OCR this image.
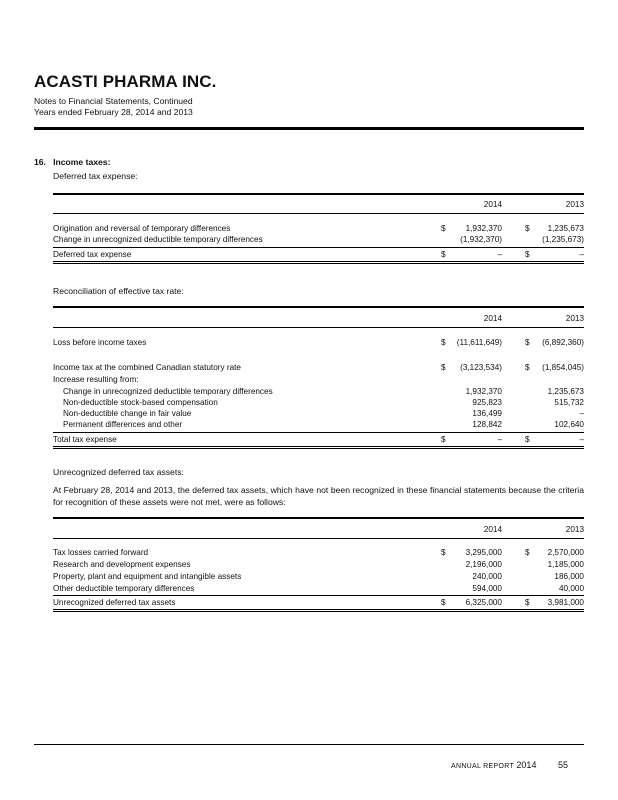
ACASTI PHARMA INC.
Notes to Financial Statements, Continued
Years ended February 28, 2014 and 2013
16.   Income taxes:
Deferred tax expense:
2014	2013
Origination and reversal of temporary differences	$ 1,932,370	$ 1,235,673
Change in unrecognized deductible temporary differences	(1,932,370)	(1,235,673)
Deferred tax expense	$	–	$	–
Reconciliation of effective tax rate:
2014	2013
Loss before income taxes	$ (11,611,649)	$ (6,892,360)
Income tax at the combined Canadian statutory rate	$ (3,123,534)	$ (1,854,045)
Increase resulting from:
Change in unrecognized deductible temporary differences	1,932,370	1,235,673
Non-deductible stock-based compensation	925,823	515,732
Non-deductible change in fair value	136,499	–
Permanent differences and other	128,842	102,640
Total tax expense	$	–	$	–
Unrecognized deferred tax assets:
At February 28, 2014 and 2013, the deferred tax assets, which have not been recognized in these financial statements because the criteria for recognition of these assets were not met, were as follows:
2014	2013
Tax losses carried forward	$ 3,295,000	$ 2,570,000
Research and development expenses	2,196,000	1,185,000
Property, plant and equipment and intangible assets	240,000	186,000
Other deductible temporary differences	594,000	40,000
Unrecognized deferred tax assets	$ 6,325,000	$ 3,981,000
ANNUAL REPORT 2014 55
